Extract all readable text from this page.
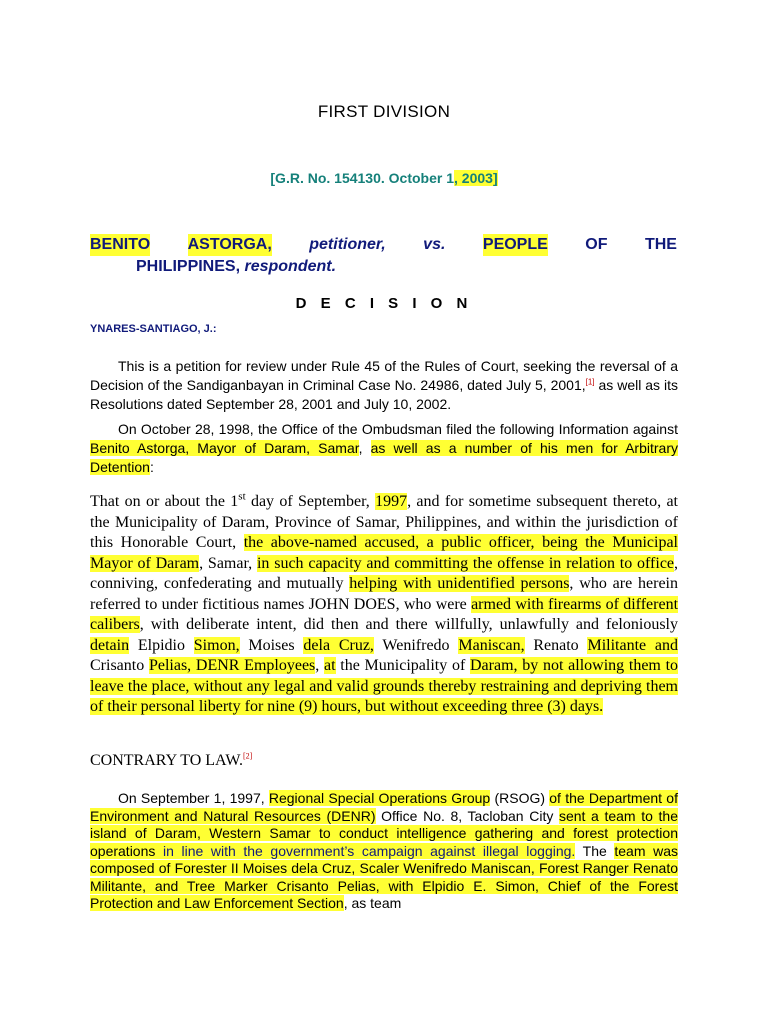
FIRST DIVISION
[G.R. No. 154130. October 1, 2003]
BENITO ASTORGA, petitioner, vs. PEOPLE OF THE
PHILIPPINES, respondent.
D E C I S I O N
YNARES-SANTIAGO, J.:
This is a petition for review under Rule 45 of the Rules of Court, seeking the reversal of a Decision of the Sandiganbayan in Criminal Case No. 24986, dated July 5, 2001,[1] as well as its Resolutions dated September 28, 2001 and July 10, 2002.
On October 28, 1998, the Office of the Ombudsman filed the following Information against Benito Astorga, Mayor of Daram, Samar, as well as a number of his men for Arbitrary Detention:
That on or about the 1st day of September, 1997, and for sometime subsequent thereto, at the Municipality of Daram, Province of Samar, Philippines, and within the jurisdiction of this Honorable Court, the above-named accused, a public officer, being the Municipal Mayor of Daram, Samar, in such capacity and committing the offense in relation to office, conniving, confederating and mutually helping with unidentified persons, who are herein referred to under fictitious names JOHN DOES, who were armed with firearms of different calibers, with deliberate intent, did then and there willfully, unlawfully and feloniously detain Elpidio Simon, Moises dela Cruz, Wenifredo Maniscan, Renato Militante and Crisanto Pelias, DENR Employees, at the Municipality of Daram, by not allowing them to leave the place, without any legal and valid grounds thereby restraining and depriving them of their personal liberty for nine (9) hours, but without exceeding three (3) days.
CONTRARY TO LAW.[2]
On September 1, 1997, Regional Special Operations Group (RSOG) of the Department of Environment and Natural Resources (DENR) Office No. 8, Tacloban City sent a team to the island of Daram, Western Samar to conduct intelligence gathering and forest protection operations in line with the government’s campaign against illegal logging. The team was composed of Forester II Moises dela Cruz, Scaler Wenifredo Maniscan, Forest Ranger Renato Militante, and Tree Marker Crisanto Pelias, with Elpidio E. Simon, Chief of the Forest Protection and Law Enforcement Section, as team
